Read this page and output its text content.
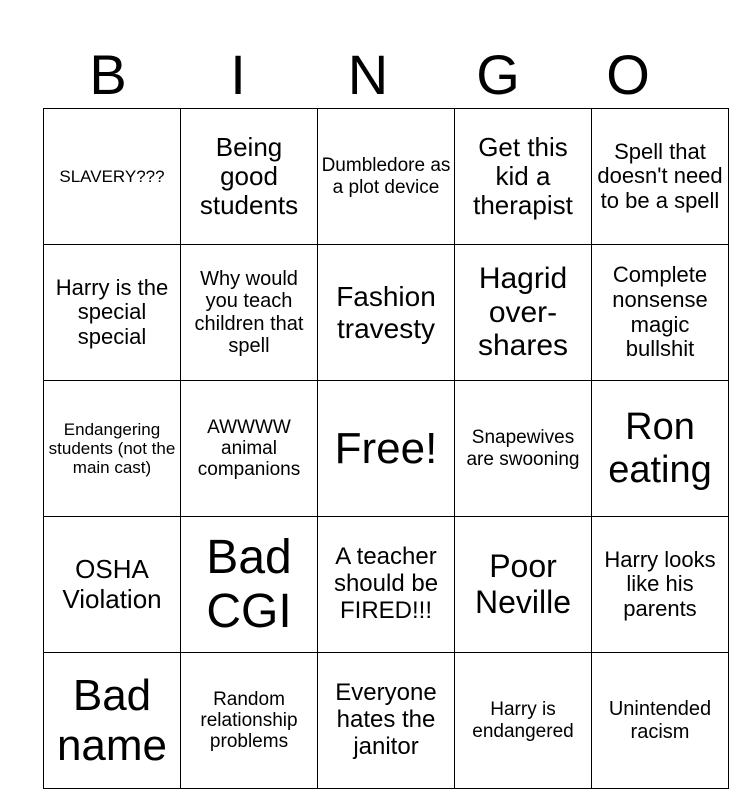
B	I	N	G	O
SLAVERY???	Being good students	Dumbledore as a plot device	Get this kid a therapist	Spell that doesn't need to be a spell
Harry is the special special	Why would you teach children that spell	Fashion travesty	Hagrid over-shares	Complete nonsense magic bullshit
Endangering students (not the main cast)	AWWWW animal companions	Free!	Snapewives are swooning	Ron eating
OSHA Violation	Bad CGI	A teacher should be FIRED!!!	Poor Neville	Harry looks like his parents
Bad name	Random relationship problems	Everyone hates the janitor	Harry is endangered	Unintended racism
